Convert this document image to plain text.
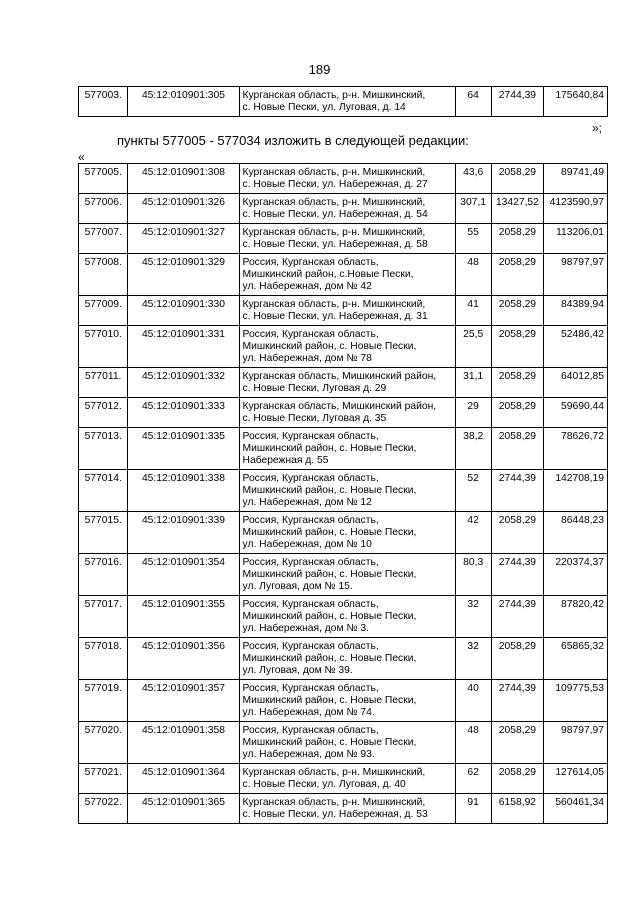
189
577003.	45:12:010901:305	Курганская область, р-н. Мишкинский,
с. Новые Пески, ул. Луговая, д. 14
	64	2744,39	175640,84
»;
пункты 577005 - 577034 изложить в следующей редакции:
«
577005.	45:12:010901:308	Курганская область, р-н. Мишкинский,
с. Новые Пески, ул. Набережная, д. 27	43,6	2058,29	89741,49
577006.	45:12:010901:326	Курганская область, р-н. Мишкинский,
с. Новые Пески, ул. Набережная, д. 54	307,1	13427,52	4123590,97
577007.	45:12:010901:327	Курганская область, р-н. Мишкинский,
с. Новые Пески, ул. Набережная, д. 58	55	2058,29	113206,01
577008.	45:12:010901:329	Россия, Курганская область,
Мишкинский район, с.Новые Пески,
ул. Набережная, дом № 42	48	2058,29	98797,97
577009.	45:12:010901:330	Курганская область, р-н. Мишкинский,
с. Новые Пески, ул. Набережная, д. 31	41	2058,29	84389,94
577010.	45:12:010901:331	Россия, Курганская область,
Мишкинский район, с. Новые Пески,
ул. Набережная, дом № 78	25,5	2058,29	52486,42
577011.	45:12:010901:332	Курганская область, Мишкинский район,
с. Новые Пески, Луговая д. 29	31,1	2058,29	64012,85
577012.	45:12:010901:333	Курганская область, Мишкинский район,
с. Новые Пески, Луговая д. 35	29	2058,29	59690,44
577013.	45:12:010901:335	Россия, Курганская область,
Мишкинский район, с. Новые Пески,
Набережная д. 55	38,2	2058,29	78626,72
577014.	45:12:010901:338	Россия, Курганская область,
Мишкинский район, с. Новые Пески,
ул. Набережная, дом № 12	52	2744,39	142708,19
577015.	45:12:010901:339	Россия, Курганская область,
Мишкинский район, с. Новые Пески,
ул. Набережная, дом № 10	42	2058,29	86448,23
577016.	45:12:010901:354	Россия, Курганская область,
Мишкинский район, с. Новые Пески,
ул. Луговая, дом № 15.	80,3	2744,39	220374,37
577017.	45:12:010901:355	Россия, Курганская область,
Мишкинский район, с. Новые Пески,
ул. Набережная, дом № 3.	32	2744,39	87820,42
577018.	45:12:010901:356	Россия, Курганская область,
Мишкинский район, с. Новые Пески,
ул. Луговая, дом № 39.	32	2058,29	65865,32
577019.	45:12:010901:357	Россия, Курганская область,
Мишкинский район, с. Новые Пески,
ул. Набережная, дом № 74.	40	2744,39	109775,53
577020.	45:12:010901:358	Россия, Курганская область,
Мишкинский район, с. Новые Пески,
ул. Набережная, дом № 93.	48	2058,29	98797,97
577021.	45:12:010901:364	Курганская область, р-н. Мишкинский,
с. Новые Пески, ул. Луговая, д. 40	62	2058,29	127614,05
577022.	45:12:010901:365	Курганская область, р-н. Мишкинский,
с. Новые Пески, ул. Набережная, д. 53	91	6158,92	560461,34
